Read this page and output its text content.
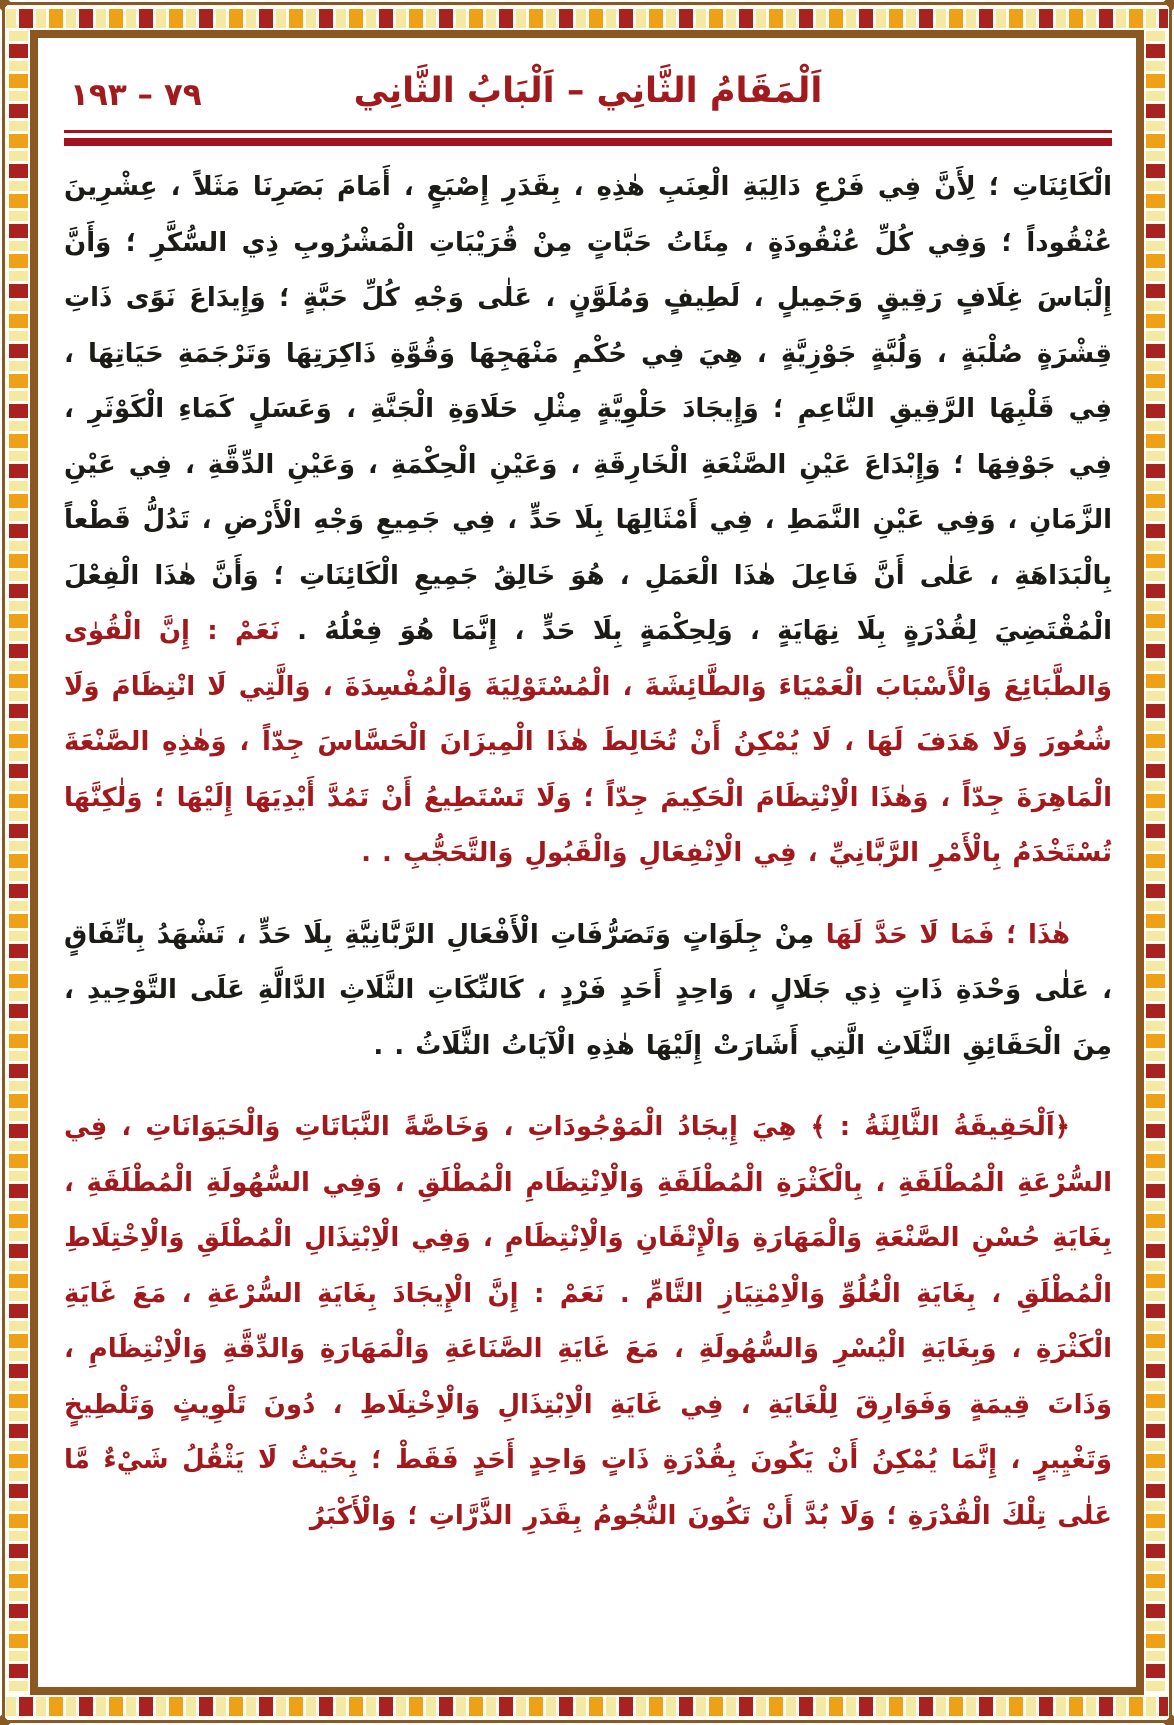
٧٩ – ١٩٣	اَلْمَقَامُ الثَّانِي – اَلْبَابُ الثَّانِي

الْكَائِنَاتِ ؛ لِأَنَّ فِي فَرْعِ دَالِيَةِ الْعِنَبِ هٰذِهِ ، بِقَدَرِ إِصْبَعٍ ، أَمَامَ بَصَرِنَا مَثَلاً ، عِشْرِينَ عُنْقُوداً ؛ وَفِي كُلِّ عُنْقُودَةٍ ، مِئَاتُ حَبَّاتٍ مِنْ قُرَيْبَاتِ الْمَشْرُوبِ ذِي السُّكَّرِ ؛ وَأَنَّ إِلْبَاسَ غِلَافٍ رَقِيقٍ وَجَمِيلٍ ، لَطِيفٍ وَمُلَوَّنٍ ، عَلٰى وَجْهِ كُلِّ حَبَّةٍ ؛ وَإِيدَاعَ نَوًى ذَاتِ قِشْرَةٍ صُلْبَةٍ ، وَلُبَّةٍ جَوْزِيَّةٍ ، هِيَ فِي حُكْمِ مَنْهَجِهَا وَقُوَّةِ ذَاكِرَتِهَا وَتَرْجَمَةِ حَيَاتِهَا ، فِي قَلْبِهَا الرَّقِيقِ النَّاعِمِ ؛ وَإِيجَادَ حَلْوِيَّةٍ مِثْلِ حَلَاوَةِ الْجَنَّةِ ، وَعَسَلٍ كَمَاءِ الْكَوْثَرِ ، فِي جَوْفِهَا ؛ وَإِبْدَاعَ عَيْنِ الصَّنْعَةِ الْخَارِقَةِ ، وَعَيْنِ الْحِكْمَةِ ، وَعَيْنِ الدِّقَّةِ ، فِي عَيْنِ الزَّمَانِ ، وَفِي عَيْنِ النَّمَطِ ، فِي أَمْثَالِهَا بِلَا حَدٍّ ، فِي جَمِيعِ وَجْهِ الْأَرْضِ ، تَدُلُّ قَطْعاً بِالْبَدَاهَةِ ، عَلٰى أَنَّ فَاعِلَ هٰذَا الْعَمَلِ ، هُوَ خَالِقُ جَمِيعِ الْكَائِنَاتِ ؛ وَأَنَّ هٰذَا الْفِعْلَ الْمُقْتَضِيَ لِقُدْرَةٍ بِلَا نِهَايَةٍ ، وَلِحِكْمَةٍ بِلَا حَدٍّ ، إِنَّمَا هُوَ فِعْلُهُ . نَعَمْ : إِنَّ الْقُوٰى وَالطَّبَائِعَ وَالْأَسْبَابَ الْعَمْيَاءَ وَالطَّائِشَةَ ، الْمُسْتَوْلِيَةَ وَالْمُفْسِدَةَ ، وَالَّتِي لَا انْتِظَامَ وَلَا شُعُورَ وَلَا هَدَفَ لَهَا ، لَا يُمْكِنُ أَنْ تُخَالِطَ هٰذَا الْمِيزَانَ الْحَسَّاسَ جِدّاً ، وَهٰذِهِ الصَّنْعَةَ الْمَاهِرَةَ جِدّاً ، وَهٰذَا الْاِنْتِظَامَ الْحَكِيمَ جِدّاً ؛ وَلَا تَسْتَطِيعُ أَنْ تَمُدَّ أَيْدِيَهَا إِلَيْهَا ؛ وَلٰكِنَّهَا تُسْتَخْدَمُ بِالْأَمْرِ الرَّبَّانِيِّ ، فِي الْاِنْفِعَالِ وَالْقَبُولِ وَالتَّحَجُّبِ . .

هٰذَا ؛ فَمَا لَا حَدَّ لَهَا مِنْ جِلَوَاتٍ وَتَصَرُّفَاتِ الْأَفْعَالِ الرَّبَّانِيَّةِ بِلَا حَدٍّ ، تَشْهَدُ بِاتِّفَاقٍ ، عَلٰى وَحْدَةِ ذَاتٍ ذِي جَلَالٍ ، وَاحِدٍ أَحَدٍ فَرْدٍ ، كَالنِّكَاتِ الثَّلَاثِ الدَّالَّةِ عَلَى التَّوْحِيدِ ، مِنَ الْحَقَائِقِ الثَّلَاثِ الَّتِي أَشَارَتْ إِلَيْهَا هٰذِهِ الْآيَاتُ الثَّلَاثُ . .

﴿اَلْحَقِيقَةُ الثَّالِثَةُ : ﴾ هِيَ إِيجَادُ الْمَوْجُودَاتِ ، وَخَاصَّةً النَّبَاتَاتِ وَالْحَيَوَانَاتِ ، فِي السُّرْعَةِ الْمُطْلَقَةِ ، بِالْكَثْرَةِ الْمُطْلَقَةِ وَالْاِنْتِظَامِ الْمُطْلَقِ ، وَفِي السُّهُولَةِ الْمُطْلَقَةِ ، بِغَايَةِ حُسْنِ الصَّنْعَةِ وَالْمَهَارَةِ وَالْإِتْقَانِ وَالْاِنْتِظَامِ ، وَفِي الْاِبْتِذَالِ الْمُطْلَقِ وَالْاِخْتِلَاطِ الْمُطْلَقِ ، بِغَايَةِ الْغُلُوِّ وَالْاِمْتِيَازِ التَّامِّ . نَعَمْ : إِنَّ الْإِيجَادَ بِغَايَةِ السُّرْعَةِ ، مَعَ غَايَةِ الْكَثْرَةِ ، وَبِغَايَةِ الْيُسْرِ وَالسُّهُولَةِ ، مَعَ غَايَةِ الصَّنَاعَةِ وَالْمَهَارَةِ وَالدِّقَّةِ وَالْاِنْتِظَامِ ، وَذَاتَ قِيمَةٍ وَفَوَارِقَ لِلْغَايَةِ ، فِي غَايَةِ الْاِبْتِذَالِ وَالْاِخْتِلَاطِ ، دُونَ تَلْوِيثٍ وَتَلْطِيخٍ وَتَغْيِيرٍ ، إِنَّمَا يُمْكِنُ أَنْ يَكُونَ بِقُدْرَةِ ذَاتٍ وَاحِدٍ أَحَدٍ فَقَطْ ؛ بِحَيْثُ لَا يَثْقُلُ شَيْءٌ مَّا عَلٰى تِلْكَ الْقُدْرَةِ ؛ وَلَا بُدَّ أَنْ تَكُونَ النُّجُومُ بِقَدَرِ الذَّرَّاتِ ؛ وَالْأَكْبَرُ
